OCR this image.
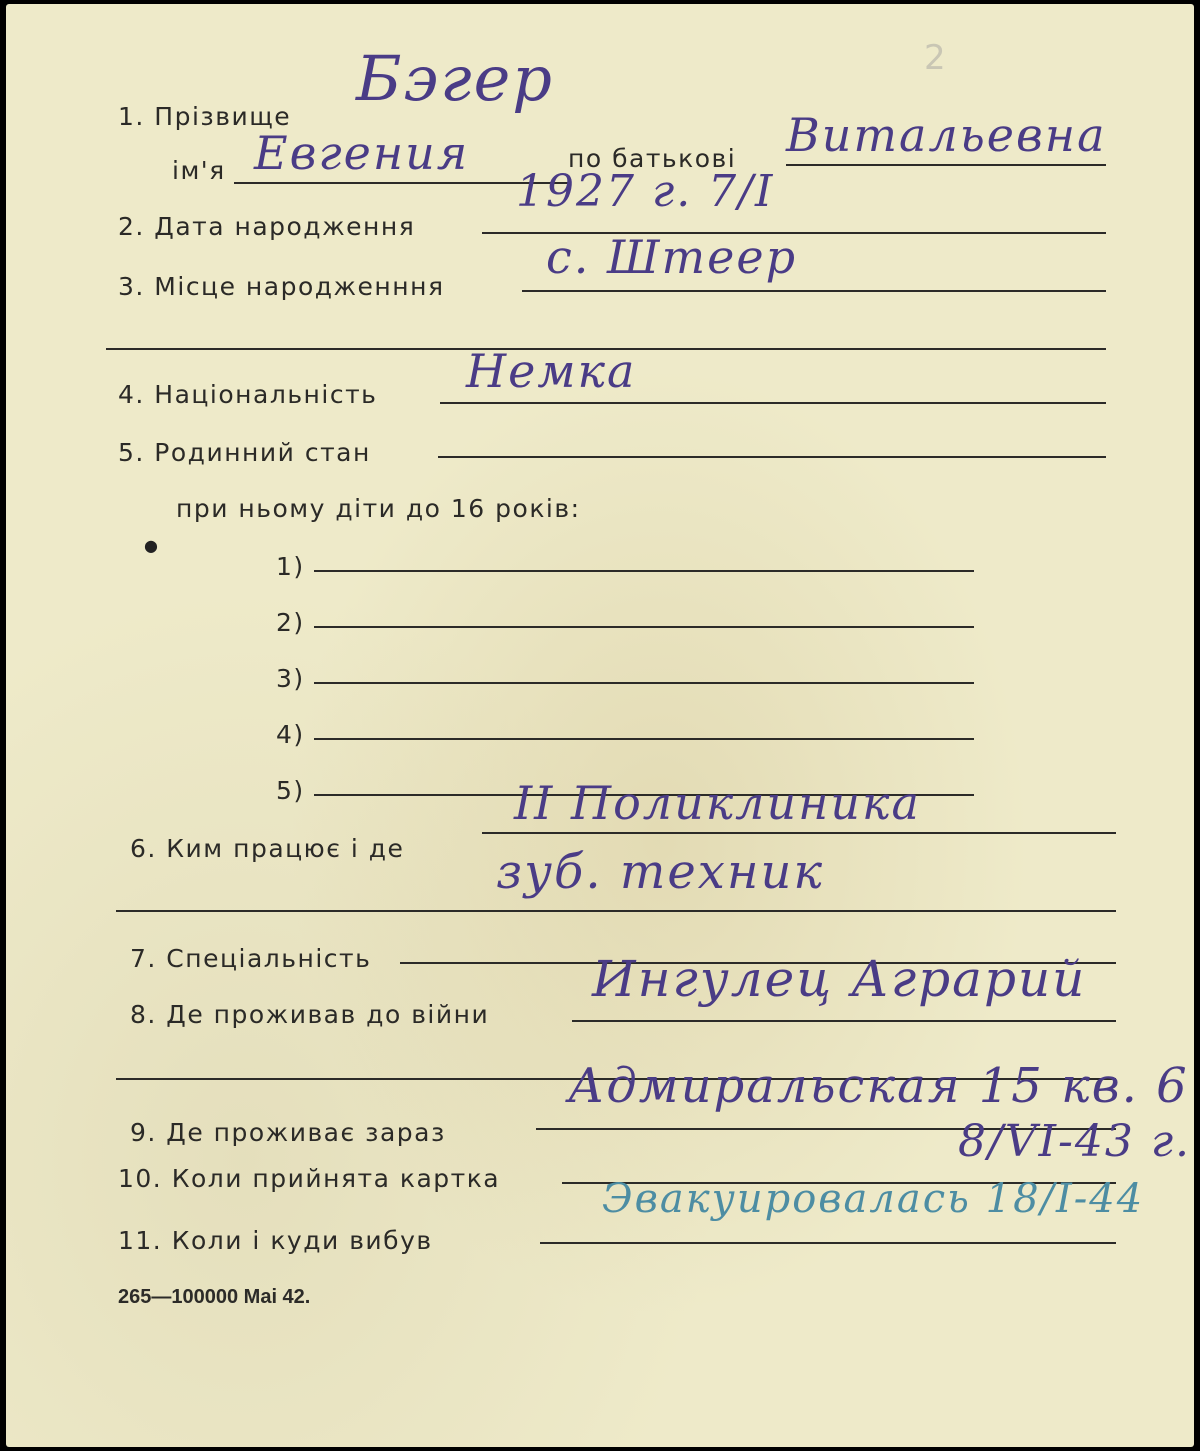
2
1. Прізвище
Бэгер
ім'я Евгения	по батькові Витальевна
2. Дата народження
1927 г. 7/I
3. Місце народженння
с. Штеер
4. Національність Немка
5. Родинний стан
при ньому діти до 16 років:
●
1)
2)
3)
4)
5)
6. Ким працює і де
II Поликлиника
зуб. техник
7. Спеціальність
8. Де проживав до війни
Ингулец Аграрий
9. Де проживає зараз
Адмиральская 15 кв. 6
10. Коли прийнята картка
8/VI-43 г.
11. Коли і куди вибув
Эвакуировалась 18/I-44
265—100000 Mai 42.
